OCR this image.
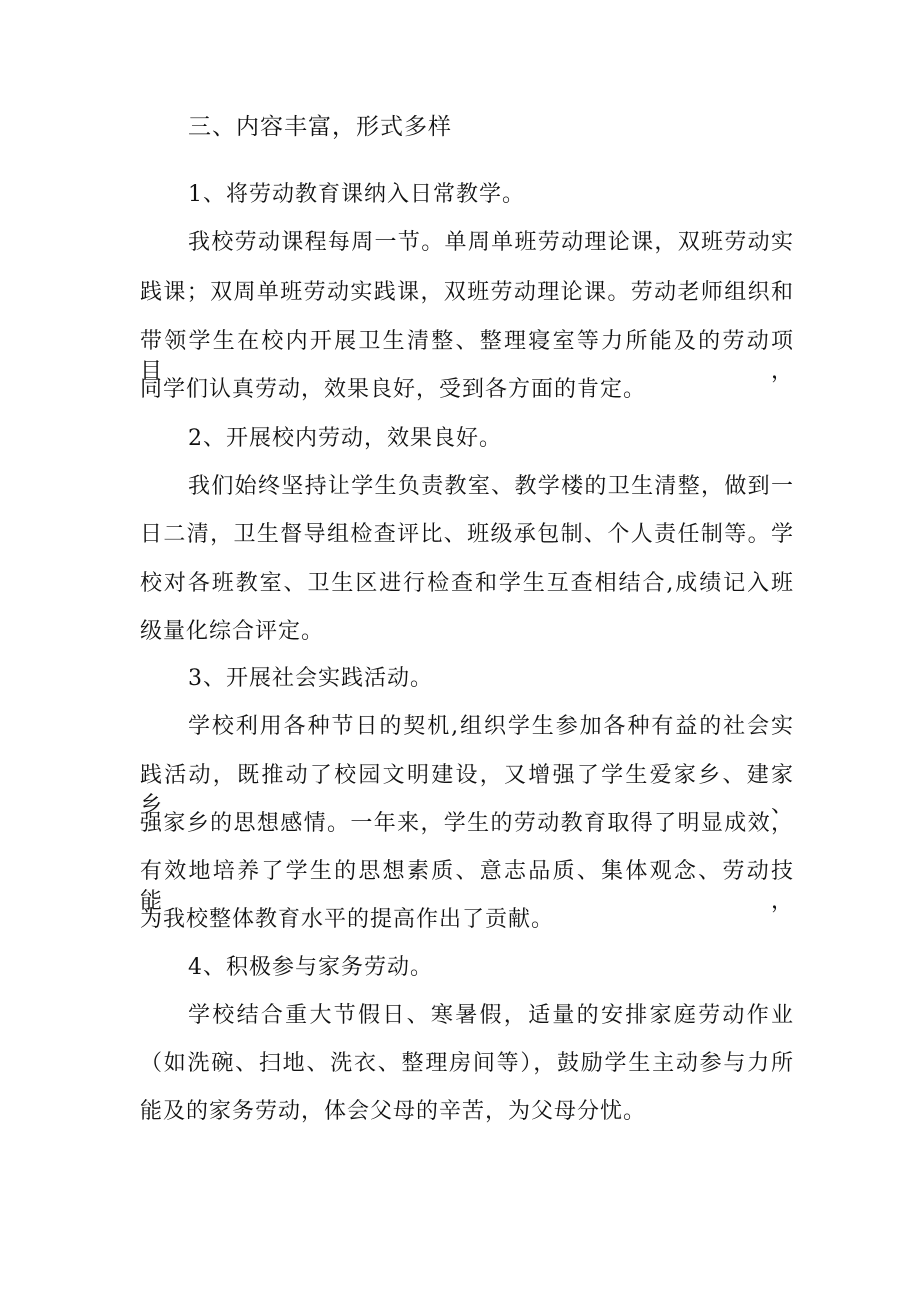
三、内容丰富，形式多样
1、将劳动教育课纳入日常教学。
我校劳动课程每周一节。单周单班劳动理论课，双班劳动实
践课；双周单班劳动实践课，双班劳动理论课。劳动老师组织和
带领学生在校内开展卫生清整、整理寝室等力所能及的劳动项目，
同学们认真劳动，效果良好，受到各方面的肯定。
2、开展校内劳动，效果良好。
我们始终坚持让学生负责教室、教学楼的卫生清整，做到一
日二清，卫生督导组检查评比、班级承包制、个人责任制等。学
校对各班教室、卫生区进行检查和学生互查相结合,成绩记入班
级量化综合评定。
3、开展社会实践活动。
学校利用各种节日的契机,组织学生参加各种有益的社会实
践活动，既推动了校园文明建设，又增强了学生爱家乡、建家乡、
强家乡的思想感情。一年来，学生的劳动教育取得了明显成效，
有效地培养了学生的思想素质、意志品质、集体观念、劳动技能，
为我校整体教育水平的提高作出了贡献。
4、积极参与家务劳动。
学校结合重大节假日、寒暑假，适量的安排家庭劳动作业
（如洗碗、扫地、洗衣、整理房间等），鼓励学生主动参与力所
能及的家务劳动，体会父母的辛苦，为父母分忧。
